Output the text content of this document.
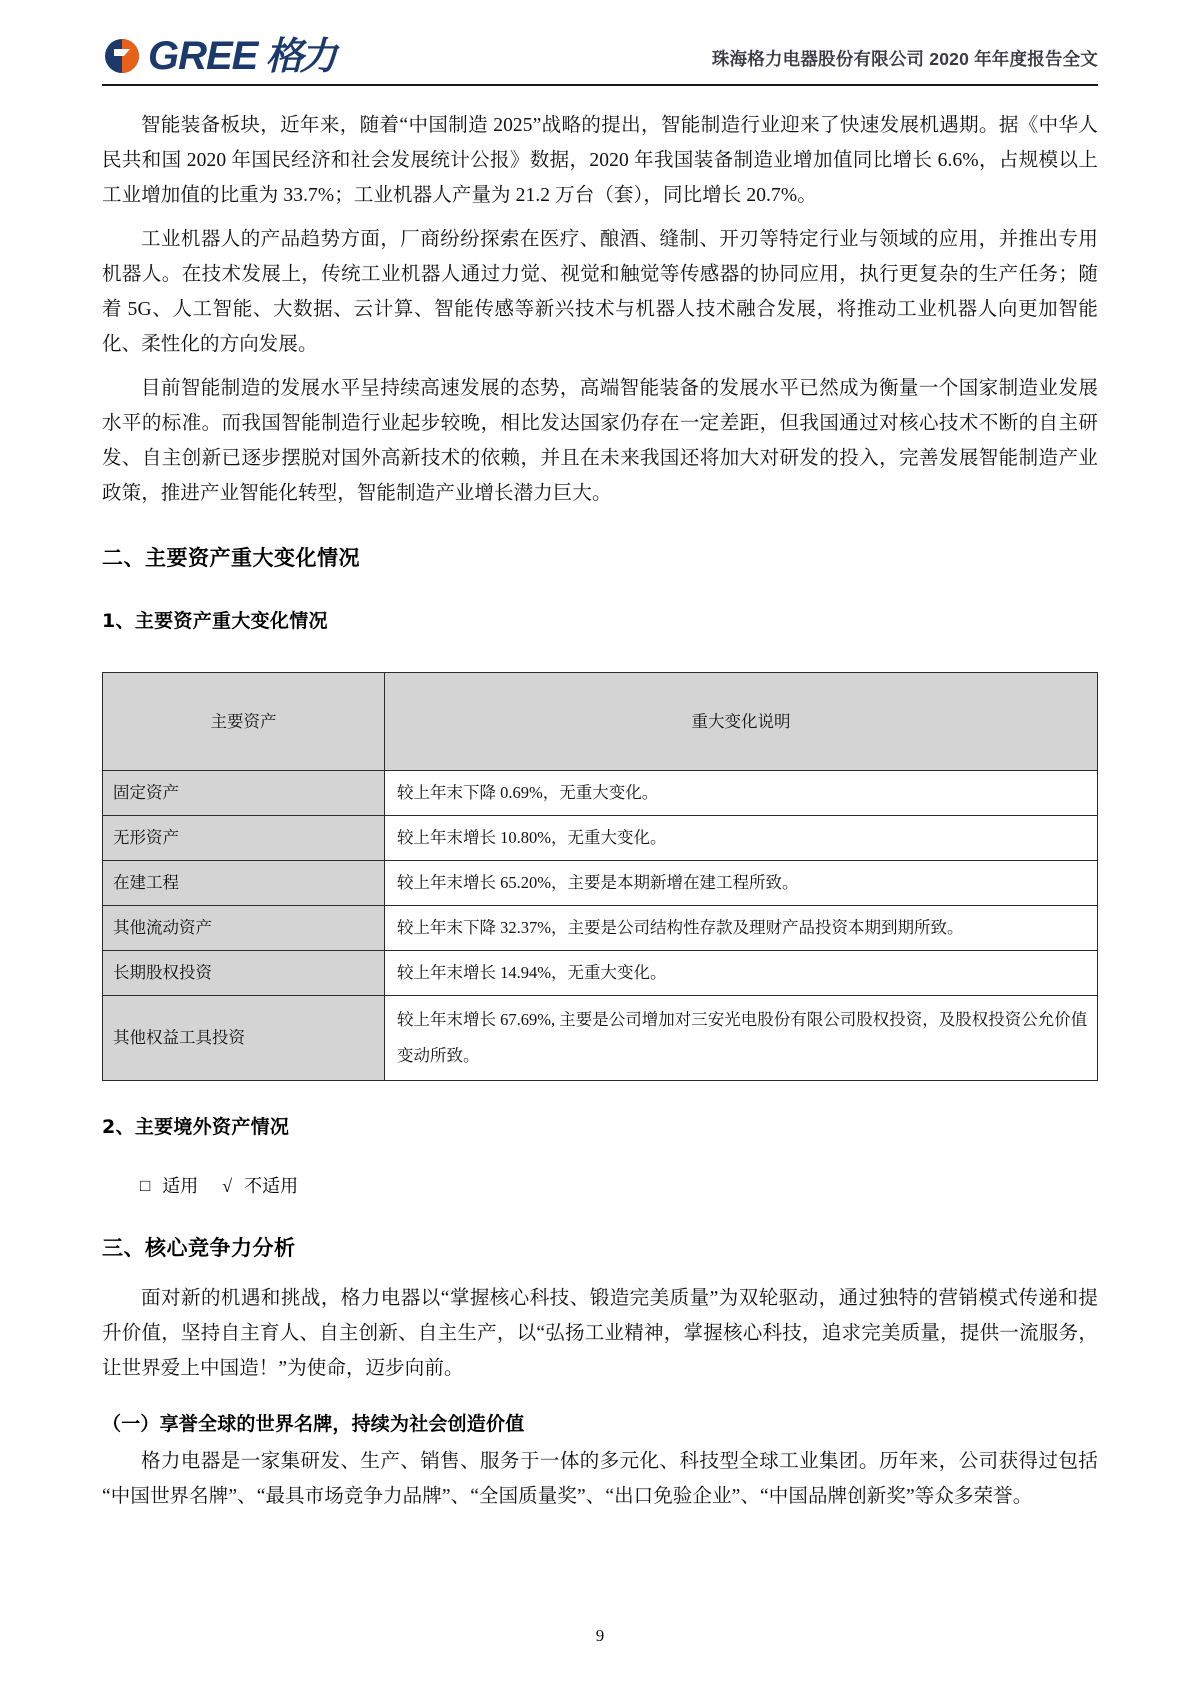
GREE 格力	珠海格力电器股份有限公司 2020 年年度报告全文

智能装备板块，近年来，随着“中国制造 2025”战略的提出，智能制造行业迎来了快速发展机遇期。据《中华人民共和国 2020 年国民经济和社会发展统计公报》数据，2020 年我国装备制造业增加值同比增长 6.6%，占规模以上工业增加值的比重为 33.7%；工业机器人产量为 21.2 万台（套），同比增长 20.7%。

工业机器人的产品趋势方面，厂商纷纷探索在医疗、酿酒、缝制、开刃等特定行业与领域的应用，并推出专用机器人。在技术发展上，传统工业机器人通过力觉、视觉和触觉等传感器的协同应用，执行更复杂的生产任务；随着 5G、人工智能、大数据、云计算、智能传感等新兴技术与机器人技术融合发展，将推动工业机器人向更加智能化、柔性化的方向发展。

目前智能制造的发展水平呈持续高速发展的态势，高端智能装备的发展水平已然成为衡量一个国家制造业发展水平的标准。而我国智能制造行业起步较晚，相比发达国家仍存在一定差距，但我国通过对核心技术不断的自主研发、自主创新已逐步摆脱对国外高新技术的依赖，并且在未来我国还将加大对研发的投入，完善发展智能制造产业政策，推进产业智能化转型，智能制造产业增长潜力巨大。

二、主要资产重大变化情况
1、主要资产重大变化情况
主要资产	重大变化说明
固定资产	较上年末下降 0.69%，无重大变化。
无形资产	较上年末增长 10.80%，无重大变化。
在建工程	较上年末增长 65.20%，主要是本期新增在建工程所致。
其他流动资产	较上年末下降 32.37%，主要是公司结构性存款及理财产品投资本期到期所致。
长期股权投资	较上年末增长 14.94%，无重大变化。
其他权益工具投资	较上年末增长 67.69%, 主要是公司增加对三安光电股份有限公司股权投资，及股权投资公允价值变动所致。
2、主要境外资产情况
□ 适用 √ 不适用
三、核心竞争力分析

面对新的机遇和挑战，格力电器以“掌握核心科技、锻造完美质量”为双轮驱动，通过独特的营销模式传递和提升价值，坚持自主育人、自主创新、自主生产，以“弘扬工业精神，掌握核心科技，追求完美质量，提供一流服务，让世界爱上中国造！”为使命，迈步向前。

（一）享誉全球的世界名牌，持续为社会创造价值

格力电器是一家集研发、生产、销售、服务于一体的多元化、科技型全球工业集团。历年来，公司获得过包括“中国世界名牌”、“最具市场竞争力品牌”、“全国质量奖”、“出口免验企业”、“中国品牌创新奖”等众多荣誉。

9
